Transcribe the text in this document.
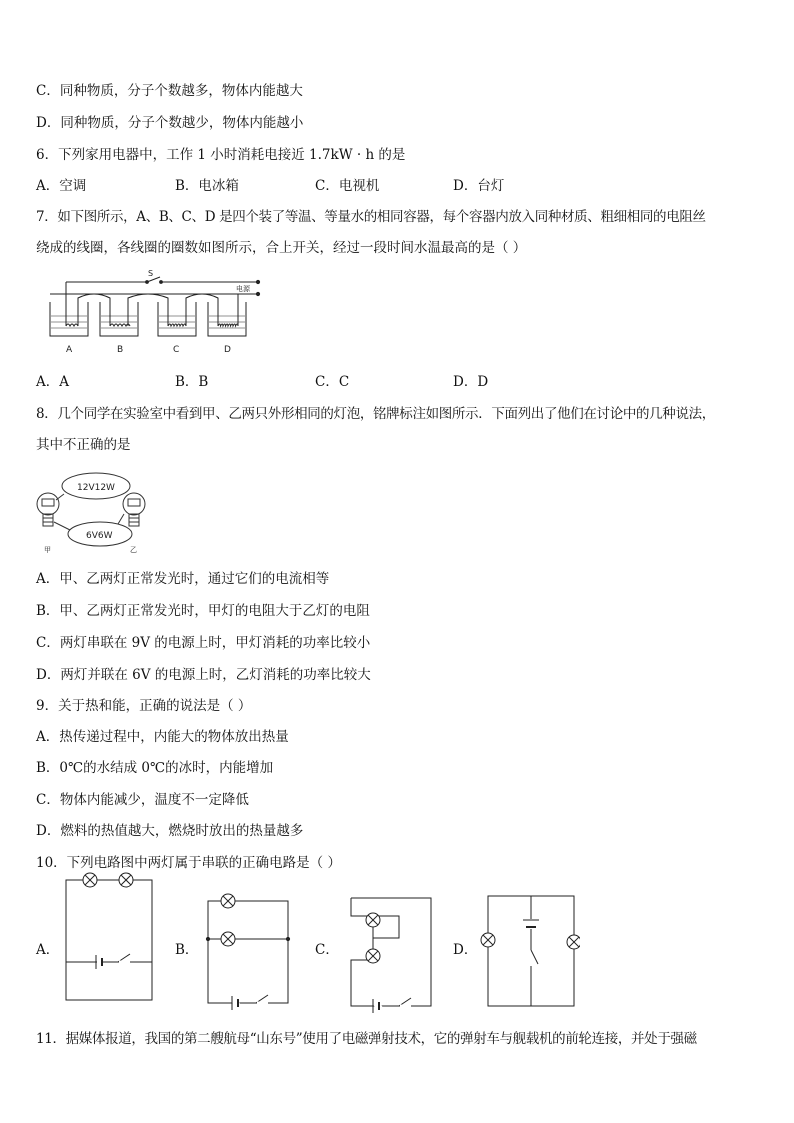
C．同种物质，分子个数越多，物体内能越大
D．同种物质，分子个数越少，物体内能越小
6．下列家用电器中，工作 1 小时消耗电接近 1.7kW · h 的是
A．空调	B．电冰箱	C．电视机	D．台灯
7．如下图所示，A、B、C、D 是四个装了等温、等量水的相同容器，每个容器内放入同种材质、粗细相同的电阻丝
绕成的线圈，各线圈的圈数如图所示，合上开关，经过一段时间水温最高的是（ ）
S
电源
A	B	C	D
A．A	B．B	C．C	D．D
8．几个同学在实验室中看到甲、乙两只外形相同的灯泡，铭牌标注如图所示．下面列出了他们在讨论中的几种说法，
其中不正确的是
12V12W
6V6W
甲	乙
A．甲、乙两灯正常发光时，通过它们的电流相等
B．甲、乙两灯正常发光时，甲灯的电阻大于乙灯的电阻
C．两灯串联在 9V 的电源上时，甲灯消耗的功率比较小
D．两灯并联在 6V 的电源上时，乙灯消耗的功率比较大
9．关于热和能，正确的说法是（ ）
A．热传递过程中，内能大的物体放出热量
B．0℃的水结成 0℃的冰时，内能增加
C．物体内能减少，温度不一定降低
D．燃料的热值越大，燃烧时放出的热量越多
10．下列电路图中两灯属于串联的正确电路是（ ）
A．	B．	C．	D．
11．据媒体报道，我国的第二艘航母“山东号”使用了电磁弹射技术，它的弹射车与舰载机的前轮连接，并处于强磁
